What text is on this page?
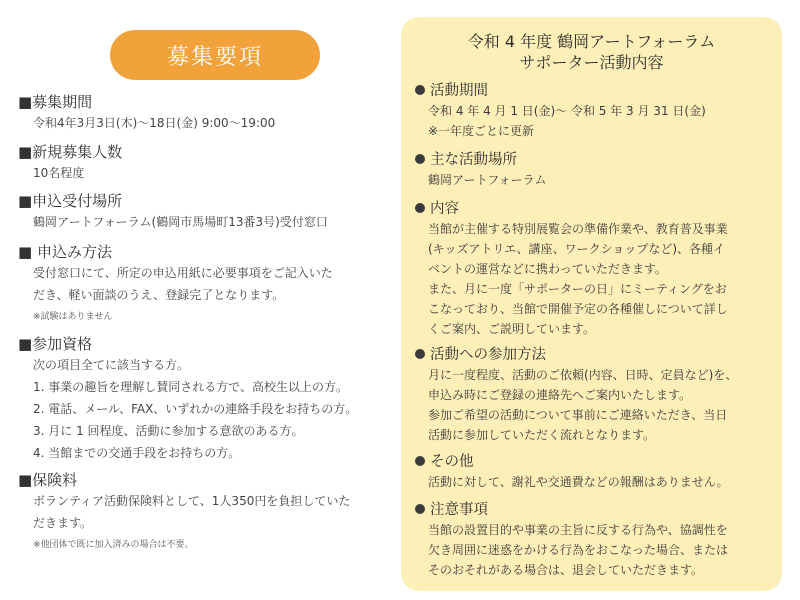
募集要項
■募集期間
令和4年3月3日(木)〜18日(金) 9:00〜19:00
■新規募集人数
10名程度
■申込受付場所
鶴岡アートフォーラム(鶴岡市馬場町13番3号)受付窓口
■ 申込み方法
受付窓口にて、所定の申込用紙に必要事項をご記入いた
だき、軽い面談のうえ、登録完了となります。
※試験はありません
■参加資格
次の項目全てに該当する方。
1. 事業の趣旨を理解し賛同される方で、高校生以上の方。
2. 電話、メール、FAX、いずれかの連絡手段をお持ちの方。
3. 月に 1 回程度、活動に参加する意欲のある方。
4. 当館までの交通手段をお持ちの方。
■保険料
ボランティア活動保険料として、1人350円を負担していた
だきます。
※他団体で既に加入済みの場合は不要。
令和 4 年度 鶴岡アートフォーラム
サポーター活動内容
活動期間
令和 4 年 4 月 1 日(金)〜 令和 5 年 3 月 31 日(金)
※一年度ごとに更新
主な活動場所
鶴岡アートフォーラム
内容
当館が主催する特別展覧会の準備作業や、教育普及事業
(キッズアトリエ、講座、ワークショップなど)、各種イ
ベントの運営などに携わっていただきます。
また、月に一度「サポーターの日」にミーティングをお
こなっており、当館で開催予定の各種催しについて詳し
くご案内、ご説明しています。
活動への参加方法
月に一度程度、活動のご依頼(内容、日時、定員など)を、
申込み時にご登録の連絡先へご案内いたします。
参加ご希望の活動について事前にご連絡いただき、当日
活動に参加していただく流れとなります。
その他
活動に対して、謝礼や交通費などの報酬はありません。
注意事項
当館の設置目的や事業の主旨に反する行為や、協調性を
欠き周囲に迷惑をかける行為をおこなった場合、または
そのおそれがある場合は、退会していただきます。
